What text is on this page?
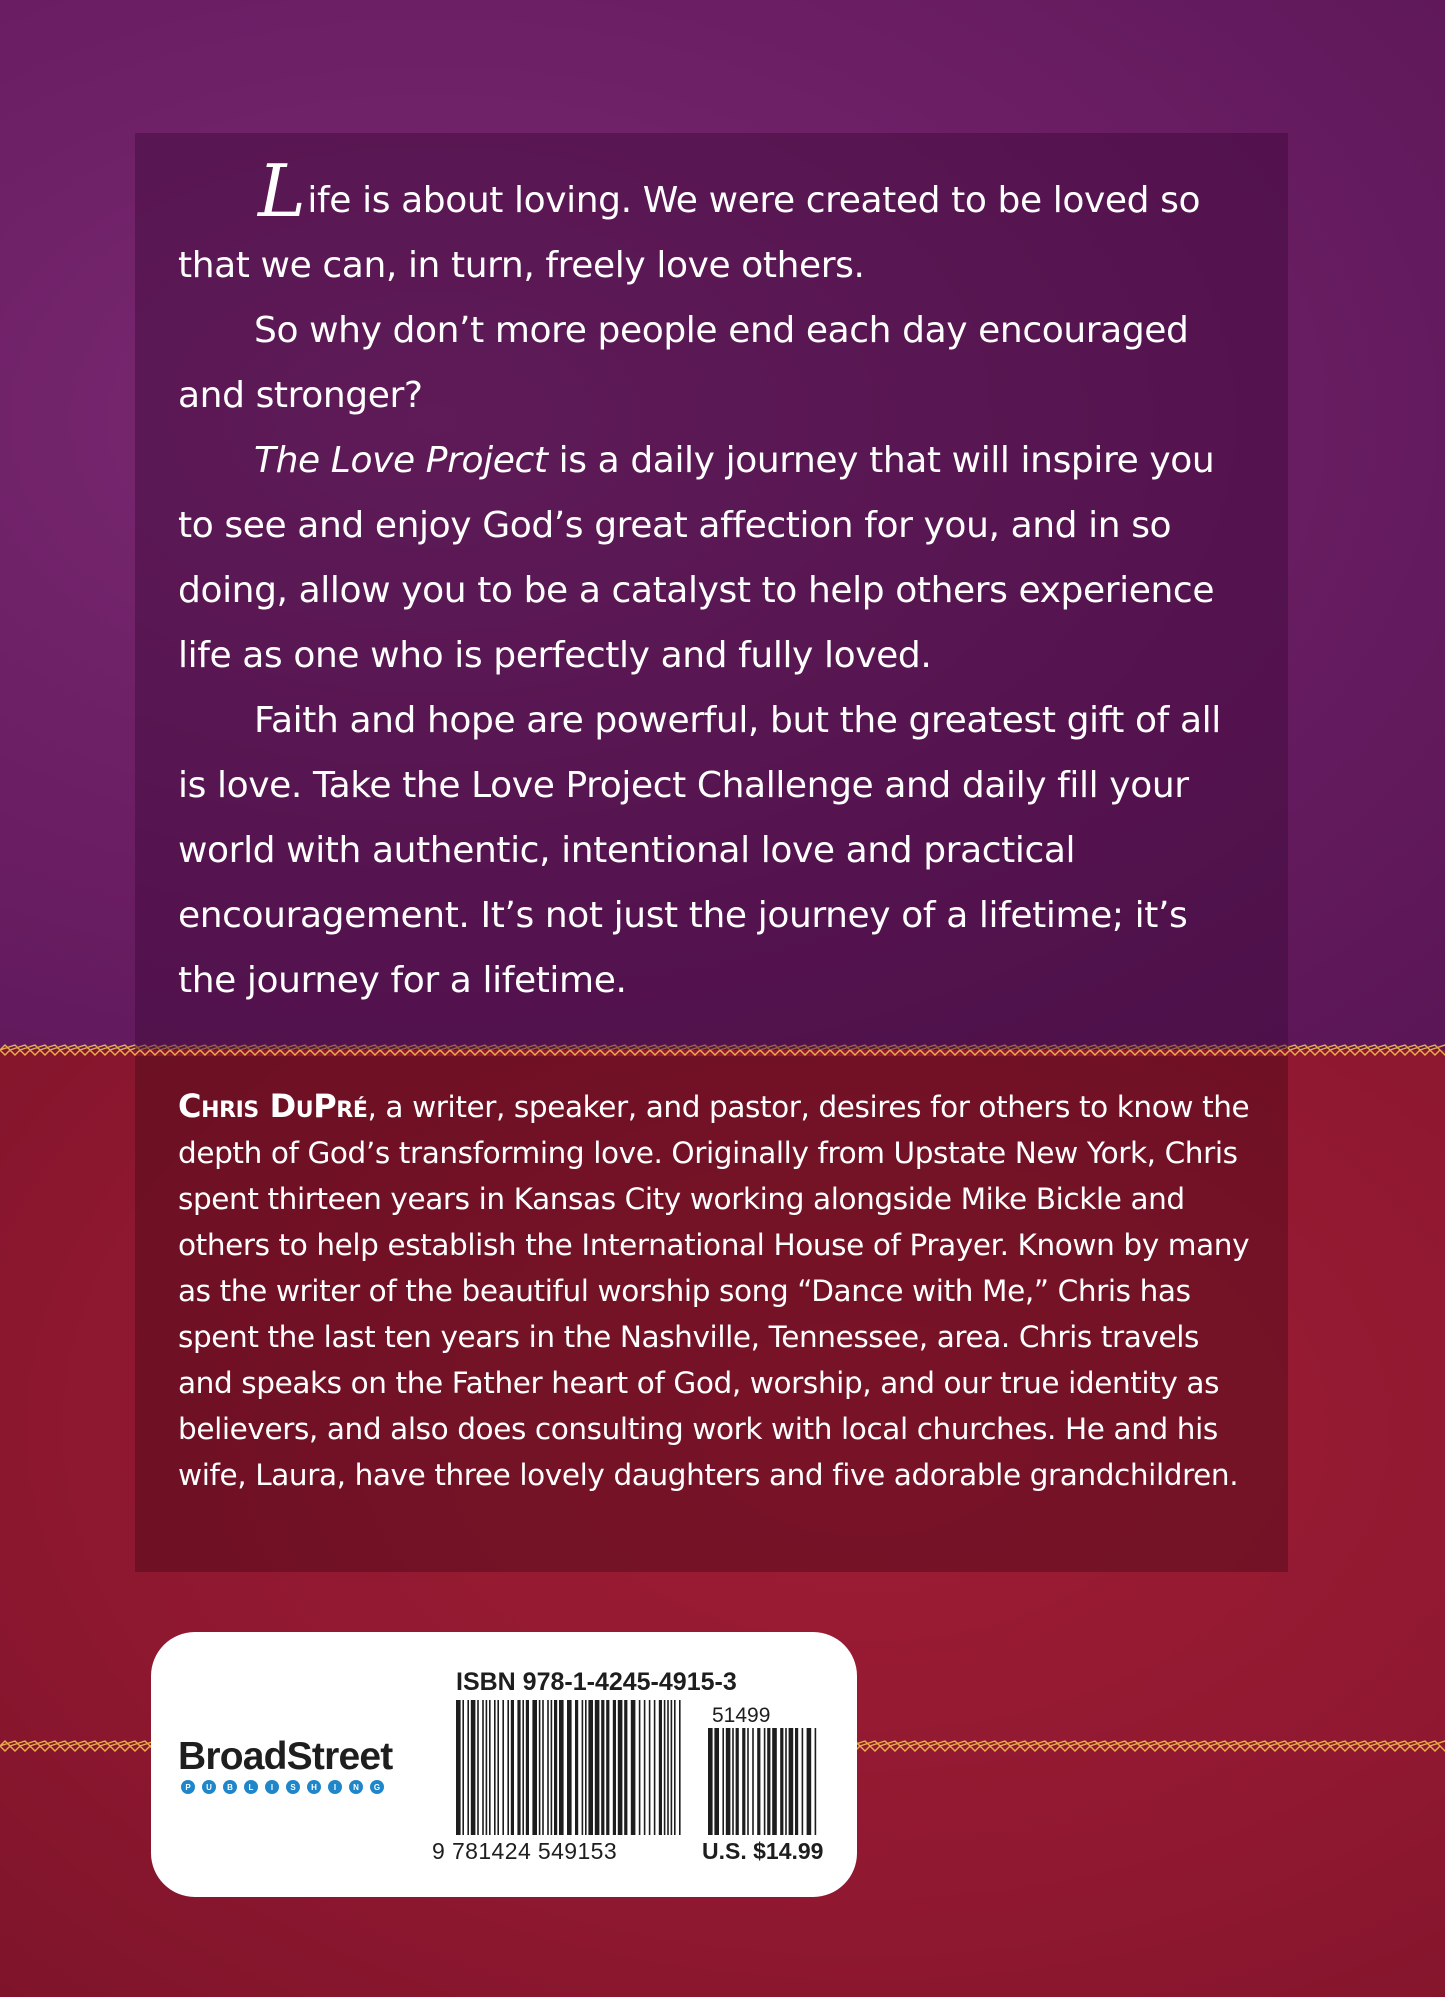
Life is about loving. We were created to be loved so that we can, in turn, freely love others.

So why don’t more people end each day encouraged and stronger?

The Love Project is a daily journey that will inspire you to see and enjoy God’s great affection for you, and in so doing, allow you to be a catalyst to help others experience life as one who is perfectly and fully loved.

Faith and hope are powerful, but the greatest gift of all is love. Take the Love Project Challenge and daily fill your world with authentic, intentional love and practical encouragement. It’s not just the journey of a lifetime; it’s the journey for a lifetime.

Chris DuPré, a writer, speaker, and pastor, desires for others to know the depth of God’s transforming love. Originally from Upstate New York, Chris spent thirteen years in Kansas City working alongside Mike Bickle and others to help establish the International House of Prayer. Known by many as the writer of the beautiful worship song “Dance with Me,” Chris has spent the last ten years in the Nashville, Tennessee, area. Chris travels and speaks on the Father heart of God, worship, and our true identity as believers, and also does consulting work with local churches. He and his wife, Laura, have three lovely daughters and five adorable grandchildren.

BroadStreet
P	U	B	L	I	S	H	I	N	G
ISBN 978-1-4245-4915-3
51499
9 781424 549153	U.S. $14.99
